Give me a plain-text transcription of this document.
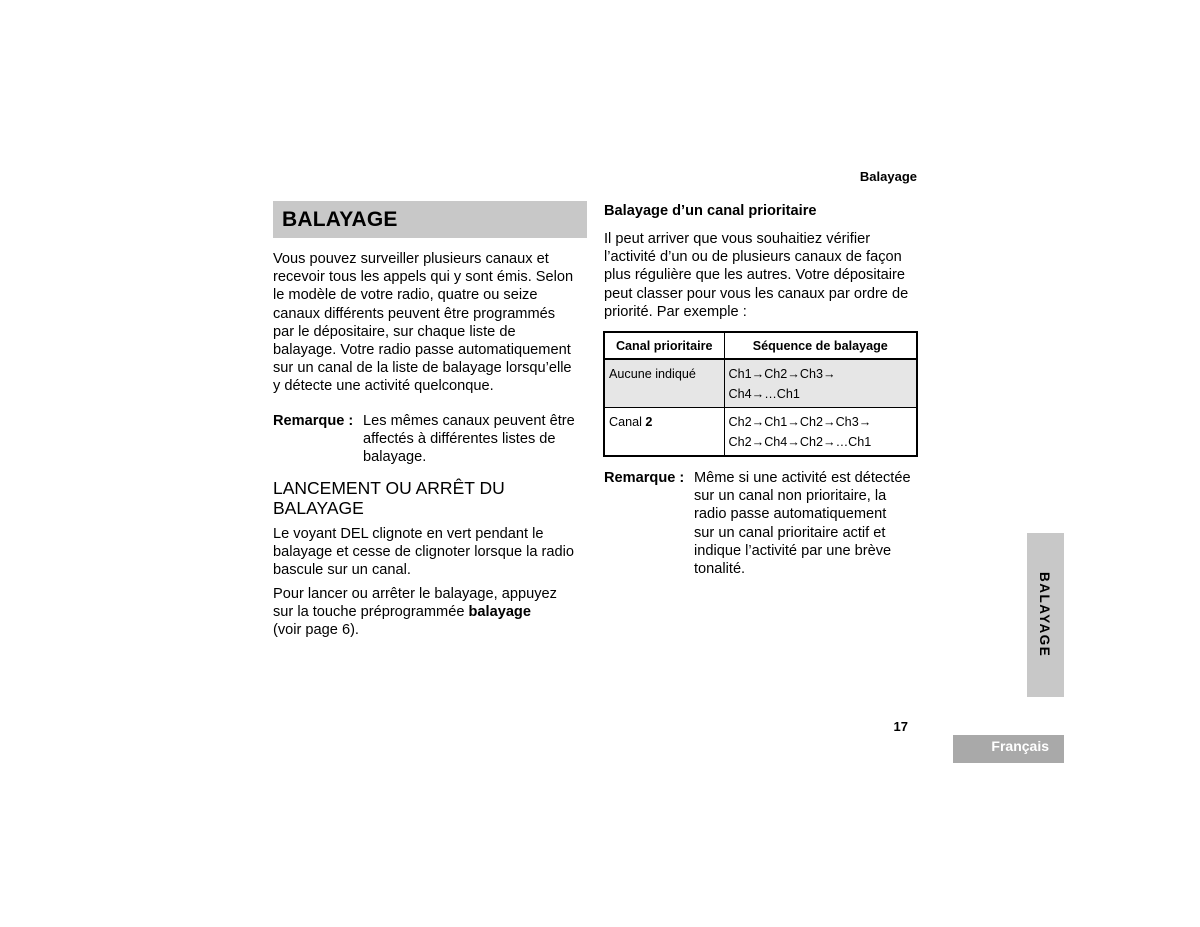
Balayage
BALAYAGE
Vous pouvez surveiller plusieurs canaux et
recevoir tous les appels qui y sont émis. Selon
le modèle de votre radio, quatre ou seize
canaux différents peuvent être programmés
par le dépositaire, sur chaque liste de
balayage. Votre radio passe automatiquement
sur un canal de la liste de balayage lorsqu’elle
y détecte une activité quelconque.
Remarque : Les mêmes canaux peuvent être
affectés à différentes listes de
balayage.
LANCEMENT OU ARRÊT DU
BALAYAGE
Le voyant DEL clignote en vert pendant le
balayage et cesse de clignoter lorsque la radio
bascule sur un canal.
Pour lancer ou arrêter le balayage, appuyez
sur la touche préprogrammée balayage
(voir page 6).
Balayage d’un canal prioritaire
Il peut arriver que vous souhaitiez vérifier
l’activité d’un ou de plusieurs canaux de façon
plus régulière que les autres. Votre dépositaire
peut classer pour vous les canaux par ordre de
priorité. Par exemple :
Canal prioritaire	Séquence de balayage
Aucune indiqué	Ch1→Ch2→Ch3→
Ch4→…Ch1

Canal 2	Ch2→Ch1→Ch2→Ch3→
Ch2→Ch4→Ch2→…Ch1
Remarque : Même si une activité est détectée
sur un canal non prioritaire, la
radio passe automatiquement
sur un canal prioritaire actif et
indique l’activité par une brève
tonalité.
BALAYAGE
17
Français
